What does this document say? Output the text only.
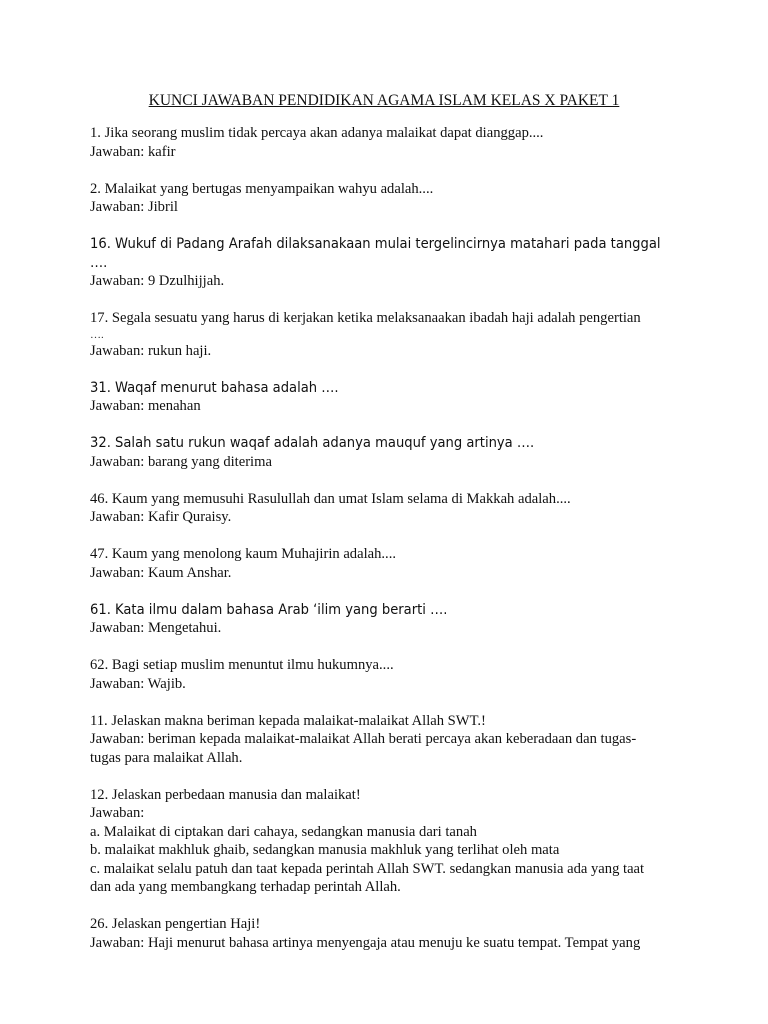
KUNCI JAWABAN PENDIDIKAN AGAMA ISLAM KELAS X PAKET 1

1. Jika seorang muslim tidak percaya akan adanya malaikat dapat dianggap....

Jawaban: kafir

2. Malaikat yang bertugas menyampaikan wahyu adalah....

Jawaban: Jibril

16. Wukuf di Padang Arafah dilaksanakaan mulai tergelincirnya matahari pada tanggal ….

Jawaban: 9 Dzulhijjah.

17. Segala sesuatu yang harus di kerjakan ketika melaksanaakan ibadah haji adalah pengertian

….

Jawaban: rukun haji.

31. Waqaf menurut bahasa adalah ….

Jawaban: menahan

32. Salah satu rukun waqaf adalah adanya mauquf yang artinya ….

Jawaban: barang yang diterima

46. Kaum yang memusuhi Rasulullah dan umat Islam selama di Makkah adalah....

Jawaban: Kafir Quraisy.

47. Kaum yang menolong kaum Muhajirin adalah....

Jawaban: Kaum Anshar.

61. Kata ilmu dalam bahasa Arab ‘ilim yang berarti ….

Jawaban: Mengetahui.

62. Bagi setiap muslim menuntut ilmu hukumnya....

Jawaban: Wajib.

11. Jelaskan makna beriman kepada malaikat-malaikat Allah SWT.!

Jawaban: beriman kepada malaikat-malaikat Allah berati percaya akan keberadaan dan tugas-

tugas para malaikat Allah.

12. Jelaskan perbedaan manusia dan malaikat!

Jawaban:

a. Malaikat di ciptakan dari cahaya, sedangkan manusia dari tanah

b. malaikat makhluk ghaib, sedangkan manusia makhluk yang terlihat oleh mata

c. malaikat selalu patuh dan taat kepada perintah Allah SWT. sedangkan manusia ada yang taat

dan ada yang membangkang terhadap perintah Allah.

26. Jelaskan pengertian Haji!

Jawaban: Haji menurut bahasa artinya menyengaja atau menuju ke suatu tempat. Tempat yang
